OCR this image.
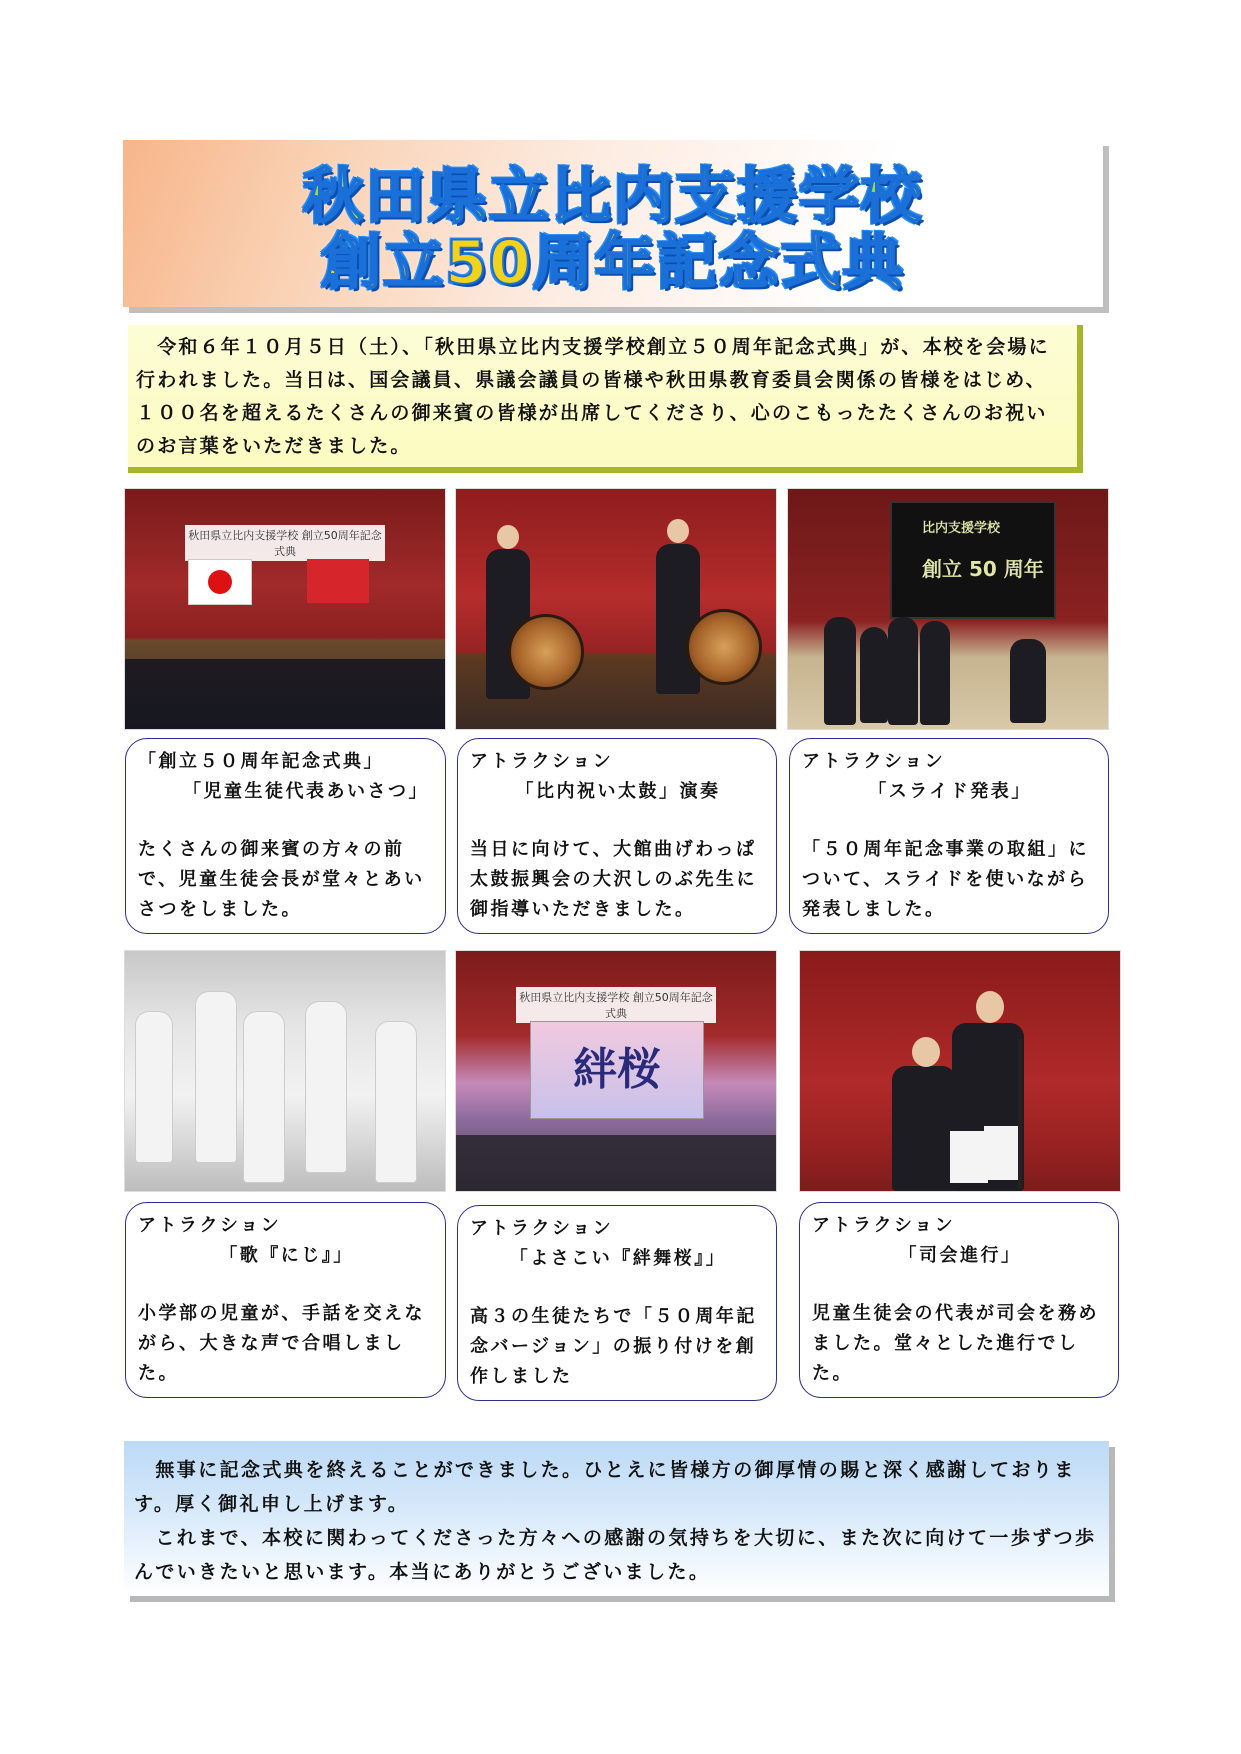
秋田県立比内支援学校
創立50周年記念式典
　令和６年１０月５日（土）、「秋田県立比内支援学校創立５０周年記念式典」が、本校を会場に行われました。当日は、国会議員、県議会議員の皆様や秋田県教育委員会関係の皆様をはじめ、１００名を超えるたくさんの御来賓の皆様が出席してくださり、心のこもったたくさんのお祝いのお言葉をいただきました。
秋田県立比内支援学校 創立50周年記念式典
比内支援学校
創立 50 周年
「創立５０周年記念式典」
「児童生徒代表あいさつ」
たくさんの御来賓の方々の前で、児童生徒会長が堂々とあいさつをしました。
アトラクション
「比内祝い太鼓」演奏
当日に向けて、大館曲げわっぱ太鼓振興会の大沢しのぶ先生に御指導いただきました。
アトラクション
「スライド発表」
「５０周年記念事業の取組」について、スライドを使いながら発表しました。
秋田県立比内支援学校 創立50周年記念式典
絆桜
アトラクション
「歌『にじ』」
小学部の児童が、手話を交えながら、大きな声で合唱しました。
アトラクション
「よさこい『絆舞桜』」
高３の生徒たちで「５０周年記念バージョン」の振り付けを創作しました
アトラクション
「司会進行」
児童生徒会の代表が司会を務めました。堂々とした進行でした。
　無事に記念式典を終えることができました。ひとえに皆様方の御厚情の賜と深く感謝しております。厚く御礼申し上げます。
　これまで、本校に関わってくださった方々への感謝の気持ちを大切に、また次に向けて一歩ずつ歩んでいきたいと思います。本当にありがとうございました。
